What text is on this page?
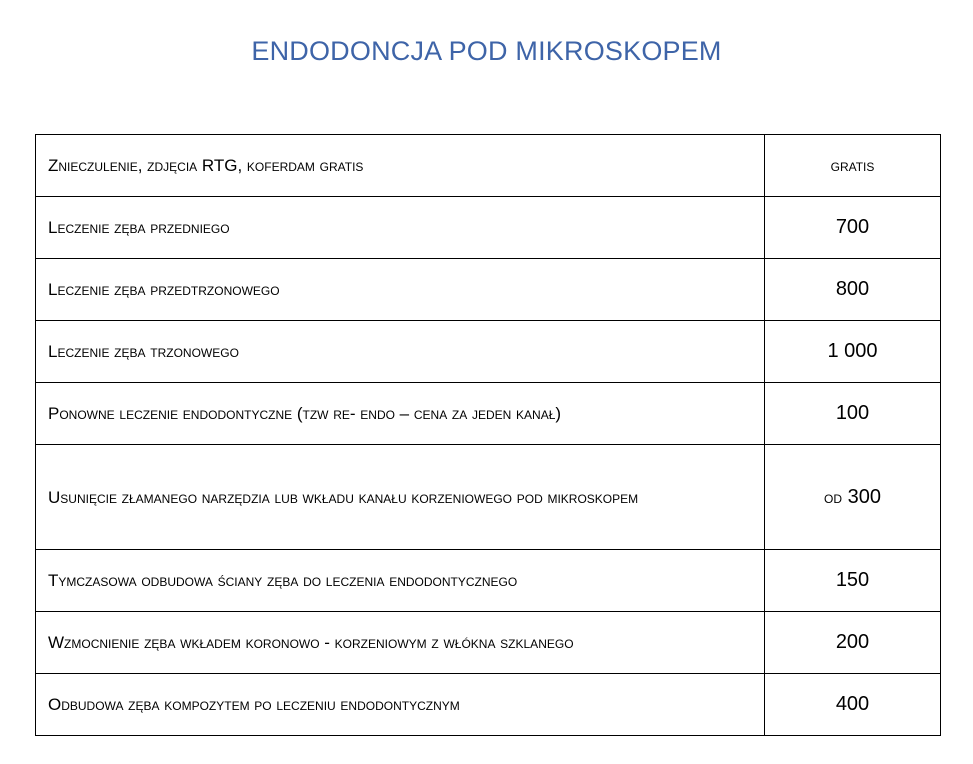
ENDODONCJA POD MIKROSKOPEM
Znieczulenie, zdjęcia RTG, koferdam gratis	gratis
Leczenie zęba przedniego	700
Leczenie zęba przedtrzonowego	800
Leczenie zęba trzonowego	1 000
Ponowne leczenie endodontyczne (tzw re- endo – cena za jeden kanał)	100
Usunięcie złamanego narzędzia lub wkładu kanału korzeniowego pod mikroskopem	od 300
Tymczasowa odbudowa ściany zęba do leczenia endodontycznego	150
Wzmocnienie zęba wkładem koronowo - korzeniowym z włókna szklanego	200
Odbudowa zęba kompozytem po leczeniu endodontycznym	400
